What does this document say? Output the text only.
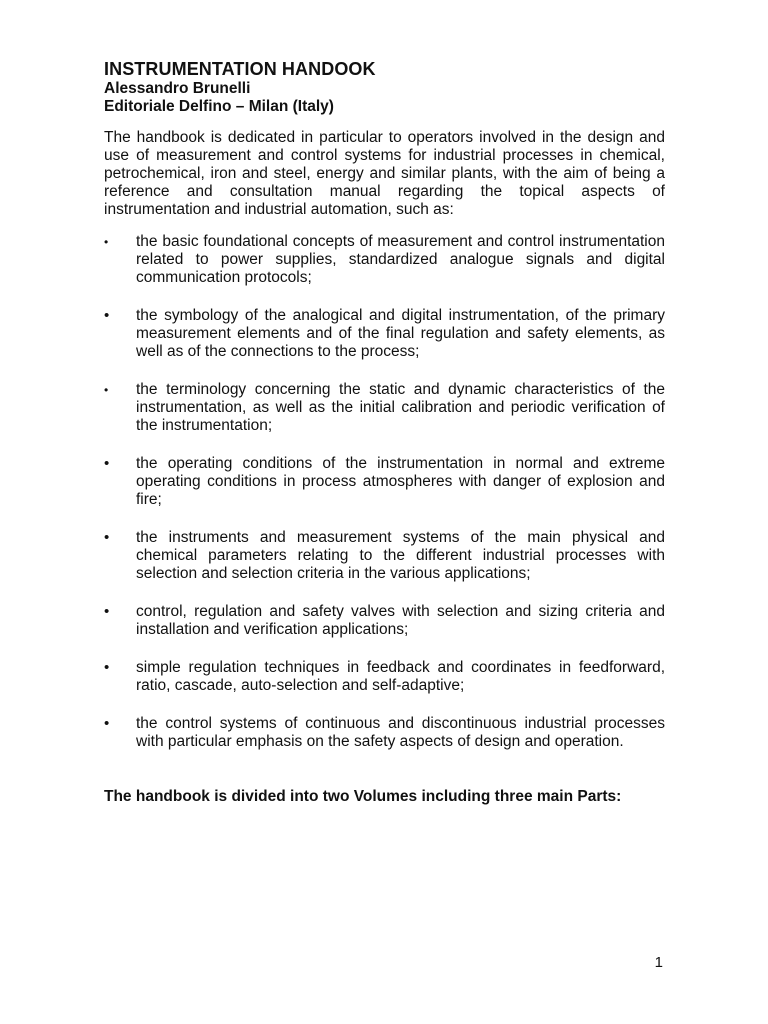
INSTRUMENTATION HANDOOK

Alessandro Brunelli

Editoriale Delfino – Milan (Italy)

The handbook is dedicated in particular to operators involved in the design and use of measurement and control systems for industrial processes in chemical, petrochemical, iron and steel, energy and similar plants, with the aim of being a reference and consultation manual regarding the topical aspects of instrumentation and industrial automation, such as:

•	the basic foundational concepts of measurement and control instrumentation related to power supplies, standardized analogue signals and digital communication protocols;
•	the symbology of the analogical and digital instrumentation, of the primary measurement elements and of the final regulation and safety elements, as well as of the connections to the process;
•	the terminology concerning the static and dynamic characteristics of the instrumentation, as well as the initial calibration and periodic verification of the instrumentation;
•	the operating conditions of the instrumentation in normal and extreme operating conditions in process atmospheres with danger of explosion and fire;
•	the instruments and measurement systems of the main physical and chemical parameters relating to the different industrial processes with selection and selection criteria in the various applications;
•	control, regulation and safety valves with selection and sizing criteria and installation and verification applications;
•	simple regulation techniques in feedback and coordinates in feedforward, ratio, cascade, auto-selection and self-adaptive;
•	the control systems of continuous and discontinuous industrial processes with particular emphasis on the safety aspects of design and operation.

The handbook is divided into two Volumes including three main Parts:

1
